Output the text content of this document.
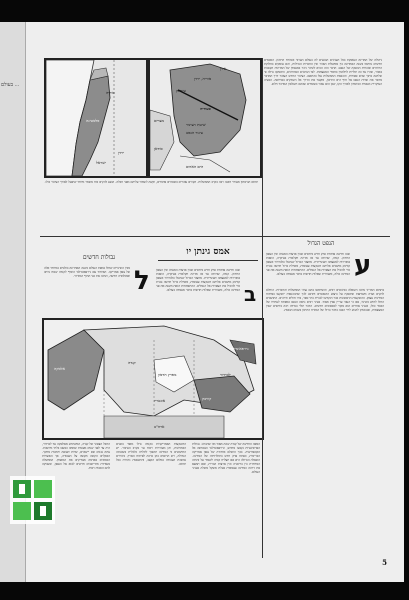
בעולם ...
סוריה
ירדן
ישראל
פלסטינה
אירן
סוריה, ירדן
עיראק
סעודיה
שיטת הצינור
צינור הנפט
מצרים
סודאן
הים האדום
ניהולה של המדינה העוסקת בכל הענינים הנוגעים לה בעולם הערבי ובמזרח התיכון. הסכמים חדשים נחתמו בשנה האחרונה בין ממשלות האזור ובין החברות הגדולות, והם עוסקים בחלוקת הרווחים ובזכויות ההפקה של הנפט. הדבר הזה הביא לשינוי ניכר במעמדן של המדינות הקטנות באזור, שהיו עד כה תלויות לחלוטין בחסדי המעצמות. לפי הנתונים האחרונים, התפוקה גדלה פי שלושה בתוך שנים ספורות, והכנסות הממשלות עלו בהתאם. הצינור החדש העובר דרך המדבר מחבר את שדות הנפט אל חוף הים התיכון, ומקצר את הדרך אל השווקים באירופה. הבעיה העיקרית נשארת הביטחון לאורך הקו, שכן הוא עובר בשטחים שבהם השלטון המרכזי חלש.
תחום הביטחון מעורר דאגה רבה בקרב הממשלות. הקווים עוברים בשטחים פתוחים, וקשה לשמור עליהם מפני חבלה. הוצע להקים כוח משמר מיוחד שיפעל לאורך הצינור כולו.
הנפט הגדול
ע
שנה חדשה פותחת פרק חדש ביחסים שבין ארצות המערב ובין הצפון הרחוק. קנדה, שהיתה עד כה מדינה חקלאית בעיקרה, הופכת במהירות למעצמה תעשייתית. מחצבי הברזל שנתגלו בלברדור ובצפון קוויבק מושכים אליהם השקעות עצומות, ומסילת ברזל חדשה נבנית כדי להוביל את העפרות אל הנמלים. ההתפתחות הזאת משנה את פני המדינה כולה, ומעוררת שאלות חדשות בדבר מעמדה בעולם.
בתחום המדיני נדונה השאלה בכינוסים רבים, והשתתפו בהם נציגי הממשלות והחברות. הוחלט להקים ועדה משותפת שתפקח על ביצוע ההסכמים ותדאג לכך שההכנסות יושקעו בפיתוח המדינות עצמן. ההשקעות הראשונות כבר הוקדשו לבניית בתי ספר, בתי חולים ודרכים. התושבים החלו לחוש בשינוי, אם כי העוני עדיין נפוץ מאוד. בעיני רבים נראה הנפט כמפתח לעתידו של האזור כולו, ובעיני אחרים הוא מקור לסכסוכים חדשים. הדבר תלוי במידה רבה ביחסים שבין המעצמות, ובנכונותן להגיע לידי הבנה בדבר גורלו של המזרח התיכון בשנים הבאות.
אמס גינתן יו
גבולות חדשים
ל
מבין השינויים שחלו במפת העולם בשנה האחרונה בולטים במיוחד אלה של צפון אמריקה. האיחוד עם ניו-פאונדלנד הוסיף לקנדה שטח נרחב ואוכלוסיה חדשה, ושינה את פני החוף המזרחי.
ב
שנה חדשה פותחת פרק חדש ביחסים שבין ארצות המערב ובין הצפון הרחוק. קנדה, שהיתה עד כה מדינה חקלאית בעיקרה, הופכת במהירות למעצמה תעשייתית. מחצבי הברזל שנתגלו בלברדור ובצפון קוויבק מושכים אליהם השקעות עצומות, ומסילת ברזל חדשה נבנית כדי להוביל את העפרות אל הנמלים. ההתפתחות הזאת משנה את פני המדינה כולה, ומעוררת שאלות חדשות בדבר מעמדה בעולם.
אלסקה
קנדה
לברדור
ניו-פאונדלנד
מפרץ הדסון
אונטריו	קוויבק
ארה"ב
החבל הצפוני של קנדה, המשתרע מאלסקה עד לברדור, היה עד לפני שנים מעטות שממה כמעט בלתי מיושבת. עתה נבנים שם יישובים, שדות תעופה ותחנות מחקר. האקלים הקשה מקשה על העבודה, אך האוצרות הטמונים באדמה מצדיקים את המאמץ. הממשלה מעודדת מתיישבים חדשים לבוא אל הצפון, ומעניקה להם הטבות רבות.
ההשקעות האמריקניות בקנדה גדלו מאוד בשנים האחרונות, והן מעוררות ויכוח ער בקרב הציבור. יש החוששים כי המדינה תהפוך לתלויה כלכלית בשכנתה הגדולה, ויש הרואים בהן ברכה לפיתוח הארץ. בינתיים נמשכת העבודה במלוא הקצב, והתוצאות ניכרות בכל תחום.
המפה החדשה של קנדה שונה מאוד מזו שהכרנו. גבולות הפרובינציות נקבעו מחדש, וניו-פאונדלנד הצטרפה אל הקונפדרציה. בכך הושלם איחודה של צפון אמריקה הבריטית, ונפתח פרק חדש בתולדותיה של המדינה. השאלה הגדולה היא אם תצליח קנדה לשמור על זהותה המיוחדת בין בריטניה ובין ארצות הברית, ואם תמצא את דרכה כמדינה עצמאית בעלת משקל משלה בעניני העולם.
5
